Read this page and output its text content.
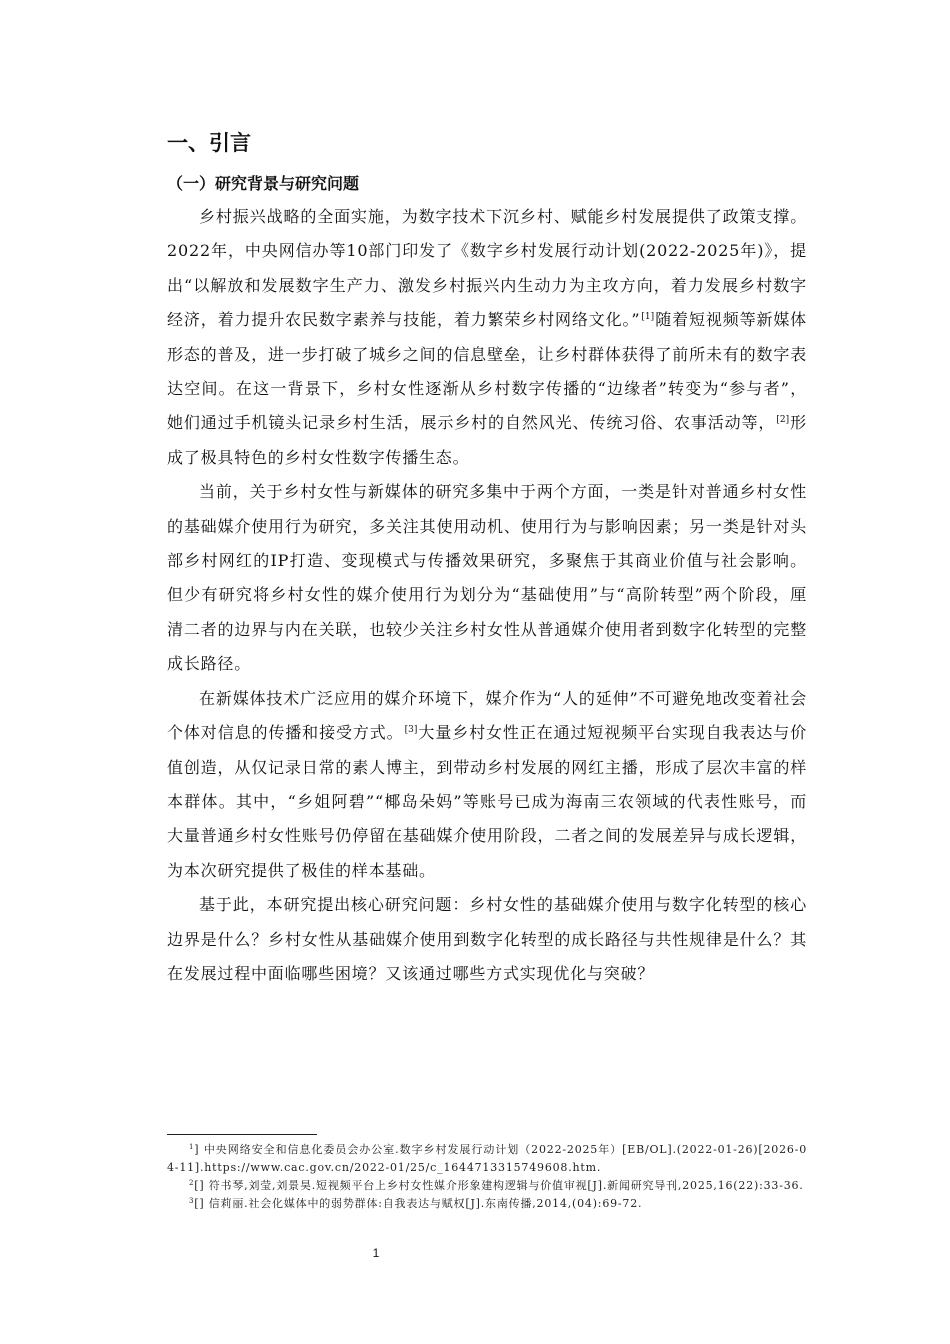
一、引言
（一）研究背景与研究问题

乡村振兴战略的全面实施，为数字技术下沉乡村、赋能乡村发展提供了政策支撑。2022年，中央网信办等10部门印发了《数字乡村发展行动计划(2022-2025年)》，提出“以解放和发展数字生产力、激发乡村振兴内生动力为主攻方向，着力发展乡村数字经济，着力提升农民数字素养与技能，着力繁荣乡村网络文化。”[1]随着短视频等新媒体形态的普及，进一步打破了城乡之间的信息壁垒，让乡村群体获得了前所未有的数字表达空间。在这一背景下，乡村女性逐渐从乡村数字传播的“边缘者”转变为“参与者”，她们通过手机镜头记录乡村生活，展示乡村的自然风光、传统习俗、农事活动等，[2]形成了极具特色的乡村女性数字传播生态。

当前，关于乡村女性与新媒体的研究多集中于两个方面，一类是针对普通乡村女性的基础媒介使用行为研究，多关注其使用动机、使用行为与影响因素；另一类是针对头部乡村网红的IP打造、变现模式与传播效果研究，多聚焦于其商业价值与社会影响。但少有研究将乡村女性的媒介使用行为划分为“基础使用”与“高阶转型”两个阶段，厘清二者的边界与内在关联，也较少关注乡村女性从普通媒介使用者到数字化转型的完整成长路径。

在新媒体技术广泛应用的媒介环境下，媒介作为“人的延伸”不可避免地改变着社会个体对信息的传播和接受方式。[3]大量乡村女性正在通过短视频平台实现自我表达与价值创造，从仅记录日常的素人博主，到带动乡村发展的网红主播，形成了层次丰富的样本群体。其中，“乡姐阿碧”“椰岛朵妈”等账号已成为海南三农领域的代表性账号，而大量普通乡村女性账号仍停留在基础媒介使用阶段，二者之间的发展差异与成长逻辑，为本次研究提供了极佳的样本基础。

基于此，本研究提出核心研究问题：乡村女性的基础媒介使用与数字化转型的核心边界是什么？乡村女性从基础媒介使用到数字化转型的成长路径与共性规律是什么？其在发展过程中面临哪些困境？又该通过哪些方式实现优化与突破？

$^1$] 中央网络安全和信息化委员会办公室.数字乡村发展行动计划（2022-2025年）[EB/OL].(2022-01-26)[2026-04-11].https://www.cac.gov.cn/2022-01/25/c_1644713315749608.htm.

$^2$[] 符书琴,刘莹,刘景昊.短视频平台上乡村女性媒介形象建构逻辑与价值审视[J].新闻研究导刊,2025,16(22):33-36.

$^3$[] 信莉丽.社会化媒体中的弱势群体:自我表达与赋权[J].东南传播,2014,(04):69-72.

1
